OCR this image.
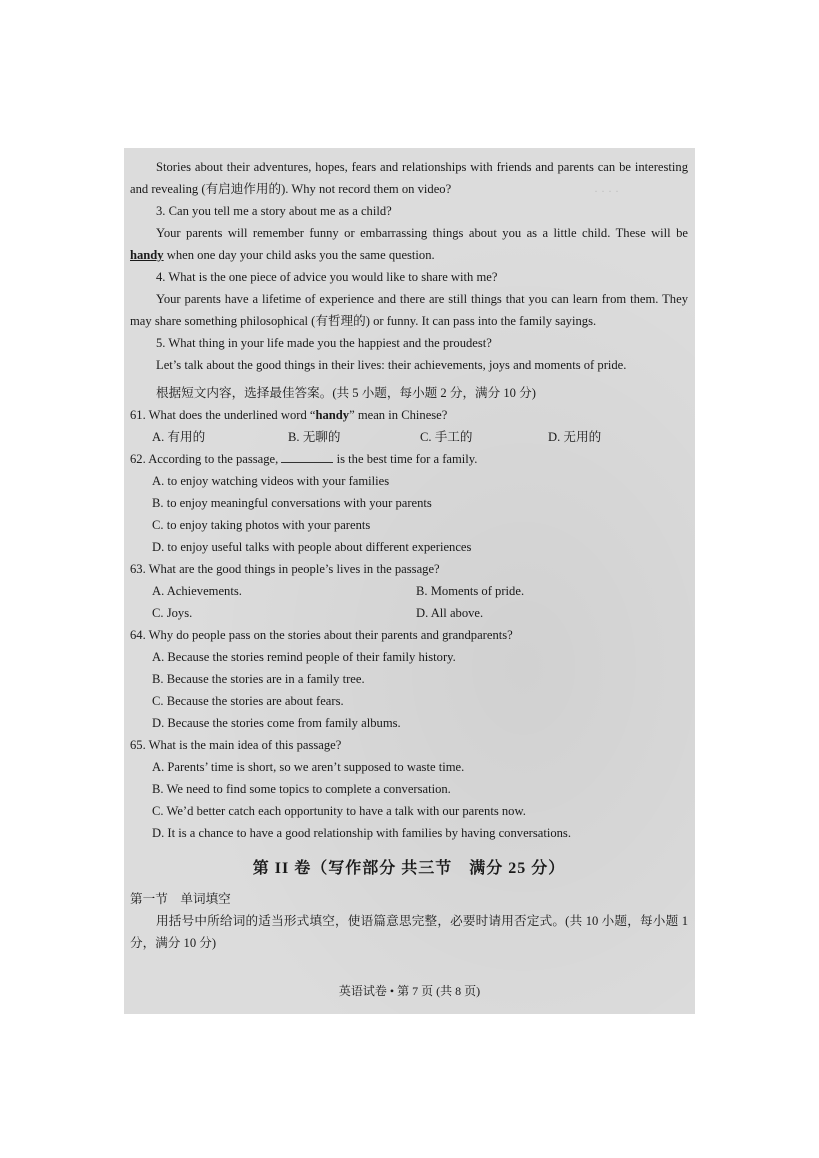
· · · ·

Stories about their adventures, hopes, fears and relationships with friends and parents can be interesting and revealing (有启迪作用的). Why not record them on video?

3. Can you tell me a story about me as a child?

Your parents will remember funny or embarrassing things about you as a little child. These will be handy when one day your child asks you the same question.

4. What is the one piece of advice you would like to share with me?

Your parents have a lifetime of experience and there are still things that you can learn from them. They may share something philosophical (有哲理的) or funny. It can pass into the family sayings.

5. What thing in your life made you the happiest and the proudest?

Let’s talk about the good things in their lives: their achievements, joys and moments of pride.

根据短文内容，选择最佳答案。(共 5 小题，每小题 2 分，满分 10 分)

61. What does the underlined word “handy” mean in Chinese?

A. 有用的	B. 无聊的	C. 手工的	D. 无用的

62. According to the passage,	is the best time for a family.

A. to enjoy watching videos with your families

B. to enjoy meaningful conversations with your parents

C. to enjoy taking photos with your parents

D. to enjoy useful talks with people about different experiences

63. What are the good things in people’s lives in the passage?

A. Achievements.	B. Moments of pride.
C. Joys.	D. All above.

64. Why do people pass on the stories about their parents and grandparents?

A. Because the stories remind people of their family history.

B. Because the stories are in a family tree.

C. Because the stories are about fears.

D. Because the stories come from family albums.

65. What is the main idea of this passage?

A. Parents’ time is short, so we aren’t supposed to waste time.

B. We need to find some topics to complete a conversation.

C. We’d better catch each opportunity to have a talk with our parents now.

D. It is a chance to have a good relationship with families by having conversations.

第 II 卷（写作部分 共三节　满分 25 分）

第一节　单词填空

用括号中所给词的适当形式填空，使语篇意思完整，必要时请用否定式。(共 10 小题，每小题 1 分，满分 10 分)

英语试卷 • 第 7 页 (共 8 页)
